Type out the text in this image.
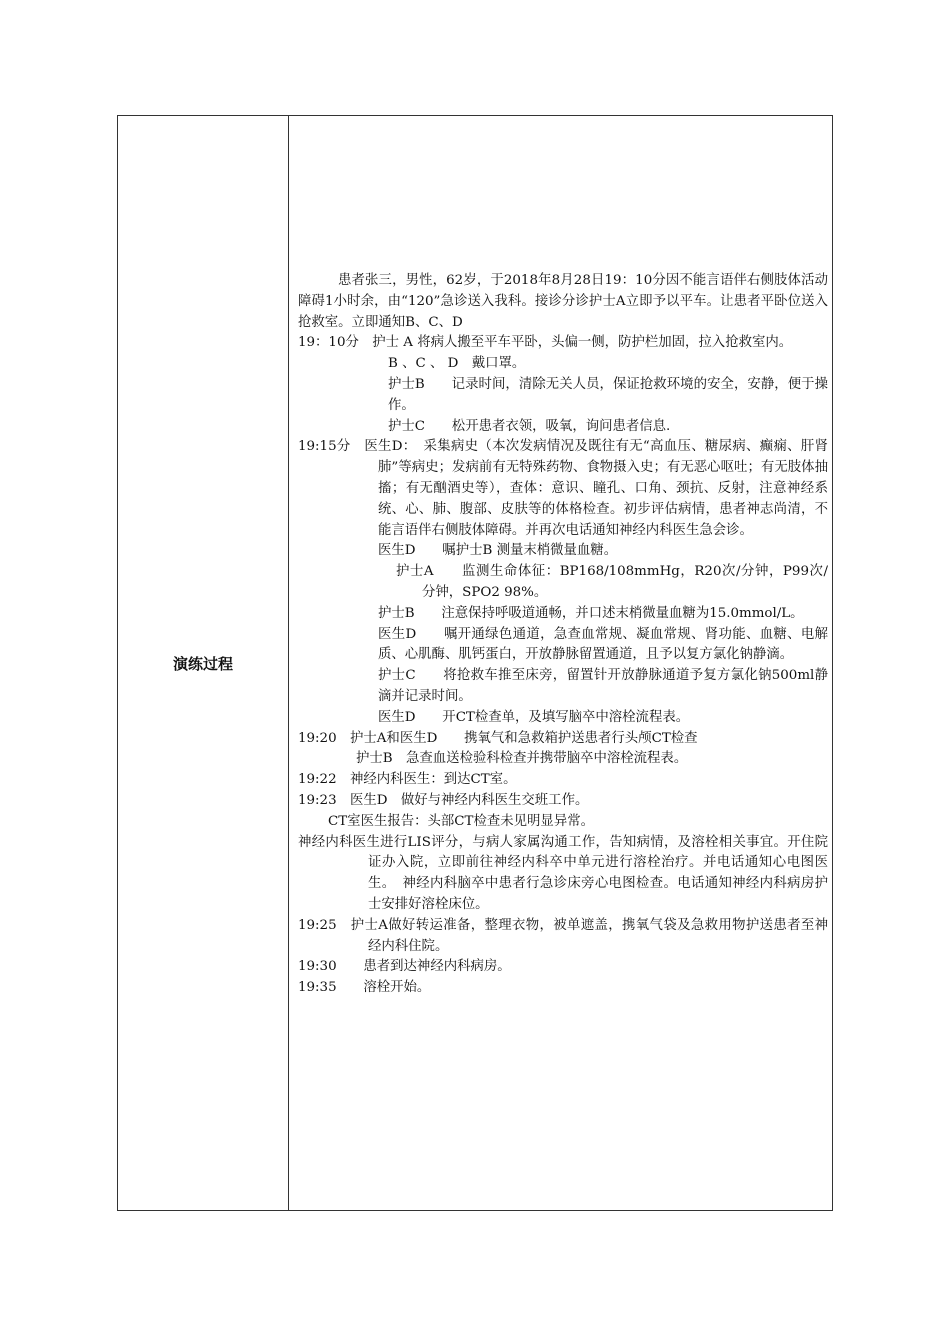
演练过程
患者张三，男性，62岁，于2018年8月28日19：10分因不能言语伴右侧肢体活动障碍1小时余，由“120”急诊送入我科。接诊分诊护士A立即予以平车。让患者平卧位送入抢救室。立即通知B、C、D
19：10分　护士 A 将病人搬至平车平卧，头偏一侧，防护栏加固，拉入抢救室内。
B 、C 、 D　戴口罩。
护士B　　记录时间，清除无关人员，保证抢救环境的安全，安静，便于操作。
护士C　　松开患者衣领，吸氧，询问患者信息.
19:15分　医生D：　采集病史（本次发病情况及既往有无“高血压、糖尿病、癫痫、肝肾肺”等病史；发病前有无特殊药物、食物摄入史；有无恶心呕吐；有无肢体抽搐；有无酗酒史等），查体：意识、瞳孔、口角、颈抗、反射，注意神经系统、心、肺、腹部、皮肤等的体格检查。初步评估病情，患者神志尚清，不能言语伴右侧肢体障碍。并再次电话通知神经内科医生急会诊。
医生D　　嘱护士B 测量末梢微量血糖。
护士A　　监测生命体征：BP168/108mmHg，R20次/分钟，P99次/分钟，SPO2 98%。
护士B　　注意保持呼吸道通畅，并口述末梢微量血糖为15.0mmol/L。
医生D　　嘱开通绿色通道，急查血常规、凝血常规、肾功能、血糖、电解质、心肌酶、肌钙蛋白，开放静脉留置通道，且予以复方氯化钠静滴。
护士C　　将抢救车推至床旁，留置针开放静脉通道予复方氯化钠500ml静滴并记录时间。
医生D　　开CT检查单，及填写脑卒中溶栓流程表。
19:20　护士A和医生D　　携氧气和急救箱护送患者行头颅CT检查
护士B　急查血送检验科检查并携带脑卒中溶栓流程表。
19:22　神经内科医生：到达CT室。
19:23　医生D　做好与神经内科医生交班工作。
CT室医生报告：头部CT检查未见明显异常。
神经内科医生进行LIS评分，与病人家属沟通工作，告知病情，及溶栓相关事宜。开住院证办入院，立即前往神经内科卒中单元进行溶栓治疗。并电话通知心电图医生。　神经内科脑卒中患者行急诊床旁心电图检查。电话通知神经内科病房护士安排好溶栓床位。
19:25　护士A做好转运准备，整理衣物，被单遮盖，携氧气袋及急救用物护送患者至神经内科住院。
19:30　　患者到达神经内科病房。
19:35　　溶栓开始。
